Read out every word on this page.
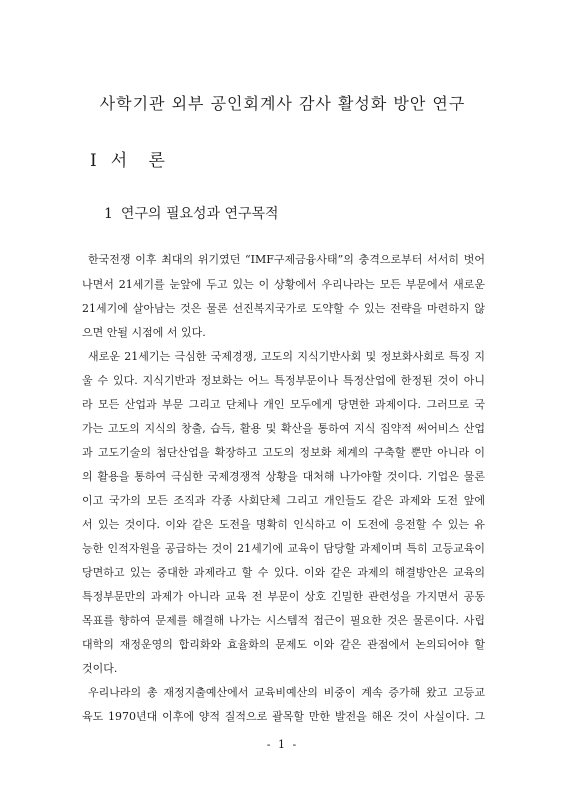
사학기관 외부 공인회계사 감사 활성화 방안 연구
Ⅰ 서 론
1 연구의 필요성과 연구목적
한국전쟁 이후 최대의 위기였던 “IMF구제금융사태”의 충격으로부터 서서히 벗어
나면서 21세기를 눈앞에 두고 있는 이 상황에서 우리나라는 모든 부문에서 새로운
21세기에 살아남는 것은 물론 선진복지국가로 도약할 수 있는 전략을 마련하지 않
으면 안될 시점에 서 있다.
새로운 21세기는 극심한 국제경쟁, 고도의 지식기반사회 및 정보화사회로 특징 지
울 수 있다. 지식기반과 정보화는 어느 특정부문이나 특정산업에 한정된 것이 아니
라 모든 산업과 부문 그리고 단체나 개인 모두에게 당면한 과제이다. 그러므로 국
가는 고도의 지식의 창출, 습득, 활용 및 확산을 통하여 지식 집약적 써어비스 산업
과 고도기술의 첨단산업을 확장하고 고도의 정보화 체계의 구축할 뿐만 아니라 이
의 활용을 통하여 극심한 국제경쟁적 상황을 대처해 나가야할 것이다. 기업은 물론
이고 국가의 모든 조직과 각종 사회단체 그리고 개인들도 같은 과제와 도전 앞에
서 있는 것이다. 이와 같은 도전을 명확히 인식하고 이 도전에 응전할 수 있는 유
능한 인적자원을 공급하는 것이 21세기에 교육이 담당할 과제이며 특히 고등교육이
당면하고 있는 중대한 과제라고 할 수 있다. 이와 같은 과제의 해결방안은 교육의
특정부문만의 과제가 아니라 교육 전 부문이 상호 긴밀한 관련성을 가지면서 공동
목표를 향하여 문제를 해결해 나가는 시스템적 접근이 필요한 것은 물론이다. 사립
대학의 재정운영의 합리화와 효율화의 문제도 이와 같은 관점에서 논의되어야 할
것이다.
우리나라의 총 재정지출예산에서 교육비예산의 비중이 계속 증가해 왔고 고등교
육도 1970년대 이후에 양적 질적으로 괄목할 만한 발전을 해온 것이 사실이다. 그
- 1 -
